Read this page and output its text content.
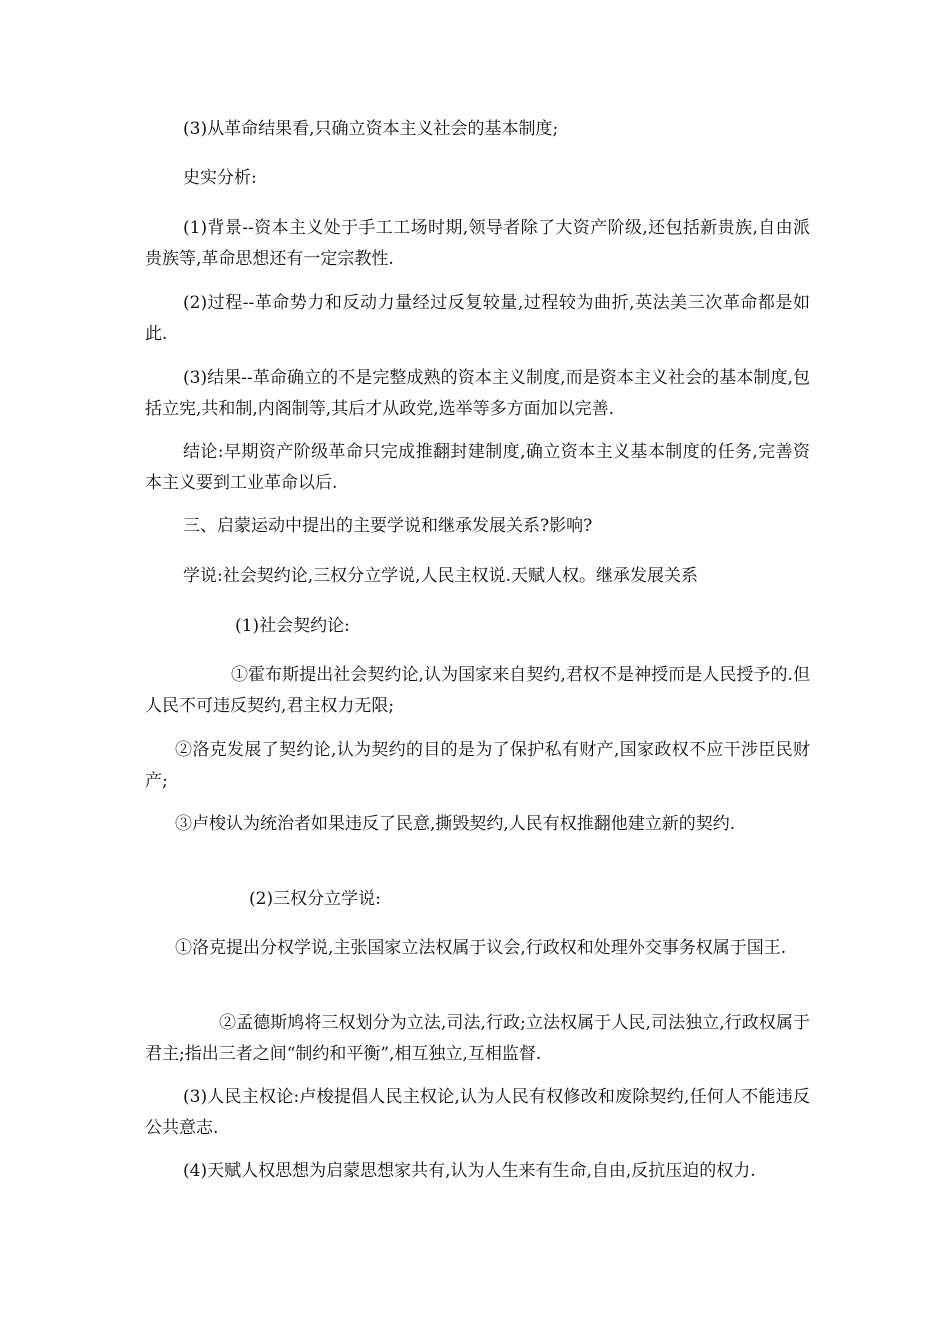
(3)从革命结果看,只确立资本主义社会的基本制度;

史实分析:

(1)背景--资本主义处于手工工场时期,领导者除了大资产阶级,还包括新贵族,自由派贵族等,革命思想还有一定宗教性.

(2)过程--革命势力和反动力量经过反复较量,过程较为曲折,英法美三次革命都是如此.

(3)结果--革命确立的不是完整成熟的资本主义制度,而是资本主义社会的基本制度,包括立宪,共和制,内阁制等,其后才从政党,选举等多方面加以完善.

结论:早期资产阶级革命只完成推翻封建制度,确立资本主义基本制度的任务,完善资本主义要到工业革命以后.

三、启蒙运动中提出的主要学说和继承发展关系?影响?

学说:社会契约论,三权分立学说,人民主权说.天赋人权。继承发展关系

(1)社会契约论:

①霍布斯提出社会契约论,认为国家来自契约,君权不是神授而是人民授予的.但人民不可违反契约,君主权力无限;

②洛克发展了契约论,认为契约的目的是为了保护私有财产,国家政权不应干涉臣民财产;

③卢梭认为统治者如果违反了民意,撕毁契约,人民有权推翻他建立新的契约.

(2)三权分立学说:

①洛克提出分权学说,主张国家立法权属于议会,行政权和处理外交事务权属于国王.

②孟德斯鸠将三权划分为立法,司法,行政;立法权属于人民,司法独立,行政权属于君主;指出三者之间“制约和平衡”,相互独立,互相监督.

(3)人民主权论:卢梭提倡人民主权论,认为人民有权修改和废除契约,任何人不能违反公共意志.

(4)天赋人权思想为启蒙思想家共有,认为人生来有生命,自由,反抗压迫的权力.
